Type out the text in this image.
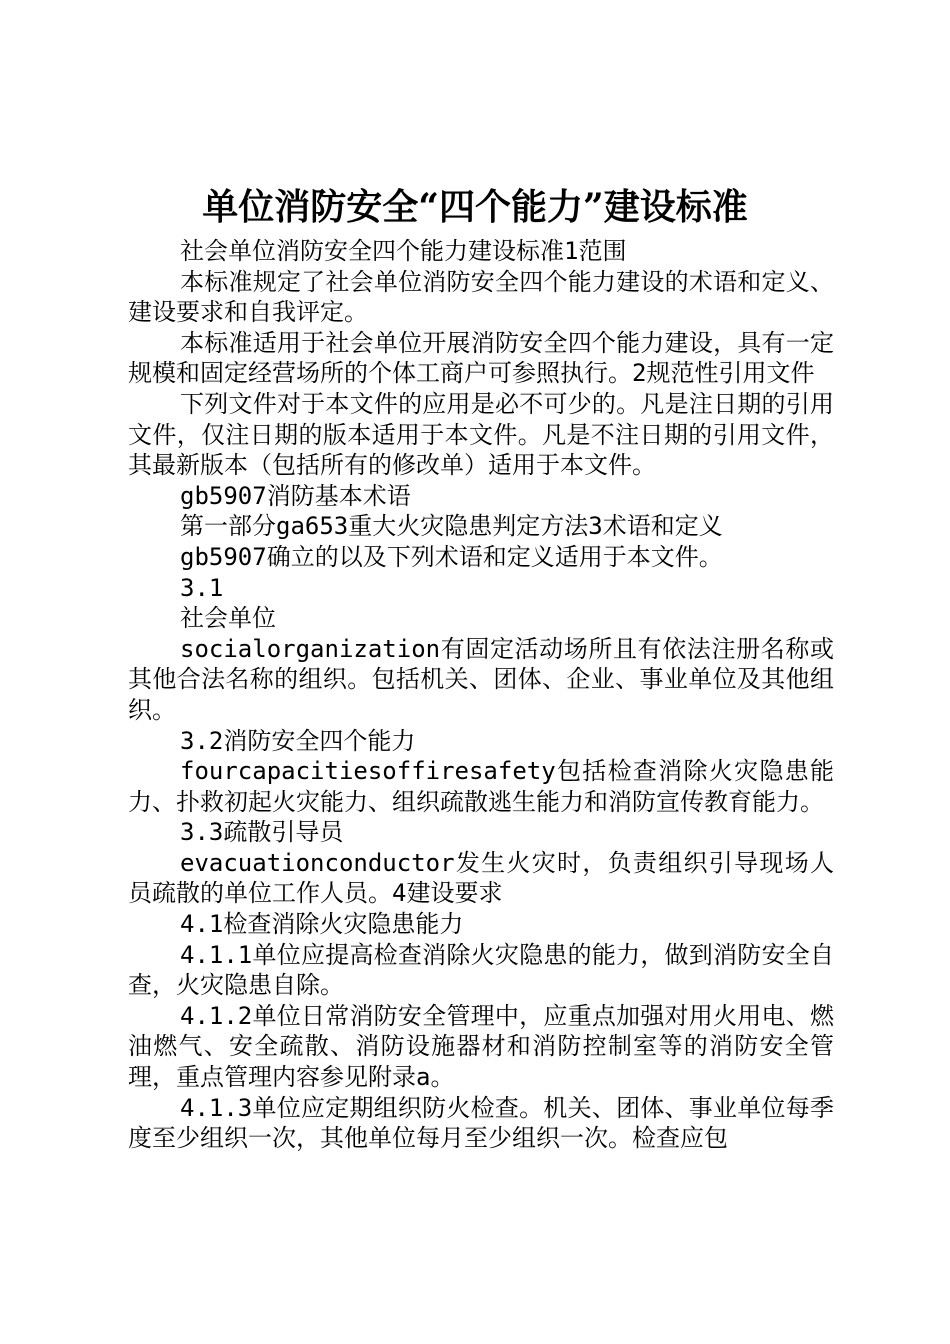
单位消防安全“四个能力”建设标准

社会单位消防安全四个能力建设标准1范围

本标准规定了社会单位消防安全四个能力建设的术语和定义、建设要求和自我评定。

本标准适用于社会单位开展消防安全四个能力建设，具有一定规模和固定经营场所的个体工商户可参照执行。2规范性引用文件

下列文件对于本文件的应用是必不可少的。凡是注日期的引用文件，仅注日期的版本适用于本文件。凡是不注日期的引用文件，其最新版本（包括所有的修改单）适用于本文件。

gb5907消防基本术语

第一部分ga653重大火灾隐患判定方法3术语和定义

gb5907确立的以及下列术语和定义适用于本文件。

3.1

社会单位

socialorganization有固定活动场所且有依法注册名称或其他合法名称的组织。包括机关、团体、企业、事业单位及其他组织。

3.2消防安全四个能力

fourcapacitiesoffiresafety包括检查消除火灾隐患能力、扑救初起火灾能力、组织疏散逃生能力和消防宣传教育能力。

3.3疏散引导员

evacuationconductor发生火灾时，负责组织引导现场人员疏散的单位工作人员。4建设要求

4.1检查消除火灾隐患能力

4.1.1单位应提高检查消除火灾隐患的能力，做到消防安全自查，火灾隐患自除。

4.1.2单位日常消防安全管理中，应重点加强对用火用电、燃油燃气、安全疏散、消防设施器材和消防控制室等的消防安全管理，重点管理内容参见附录a。

4.1.3单位应定期组织防火检查。机关、团体、事业单位每季度至少组织一次，其他单位每月至少组织一次。检查应包
